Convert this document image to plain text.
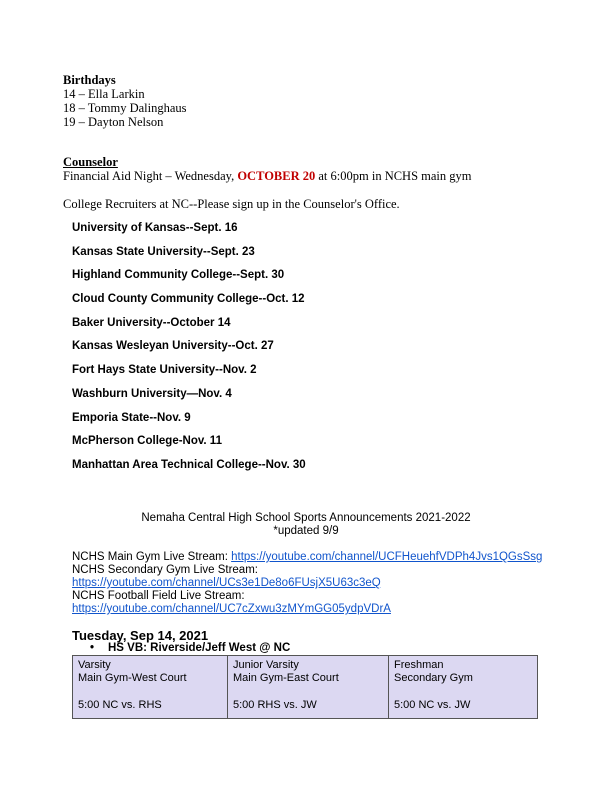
Birthdays
14 – Ella Larkin
18 – Tommy Dalinghaus
19 – Dayton Nelson
Counselor
Financial Aid Night – Wednesday, OCTOBER 20 at 6:00pm in NCHS main gym
College Recruiters at NC--Please sign up in the Counselor's Office.
University of Kansas--Sept. 16
Kansas State University--Sept. 23
Highland Community College--Sept. 30
Cloud County Community College--Oct. 12
Baker University--October 14
Kansas Wesleyan University--Oct. 27
Fort Hays State University--Nov. 2
Washburn University—Nov. 4
Emporia State--Nov. 9
McPherson College-Nov. 11
Manhattan Area Technical College--Nov. 30
Nemaha Central High School Sports Announcements 2021-2022
*updated 9/9
NCHS Main Gym Live Stream: https://youtube.com/channel/UCFHeuehfVDPh4Jvs1QGsSsg
NCHS Secondary Gym Live Stream:
https://youtube.com/channel/UCs3e1De8o6FUsjX5U63c3eQ
NCHS Football Field Live Stream:
https://youtube.com/channel/UC7cZxwu3zMYmGG05ydpVDrA
Tuesday, Sep 14, 2021
• HS VB: Riverside/Jeff West @ NC
Varsity
Main Gym-West Court
5:00 NC vs. RHS
	Junior Varsity
Main Gym-East Court
5:00 RHS vs. JW
	Freshman
Secondary Gym
5:00 NC vs. JW
